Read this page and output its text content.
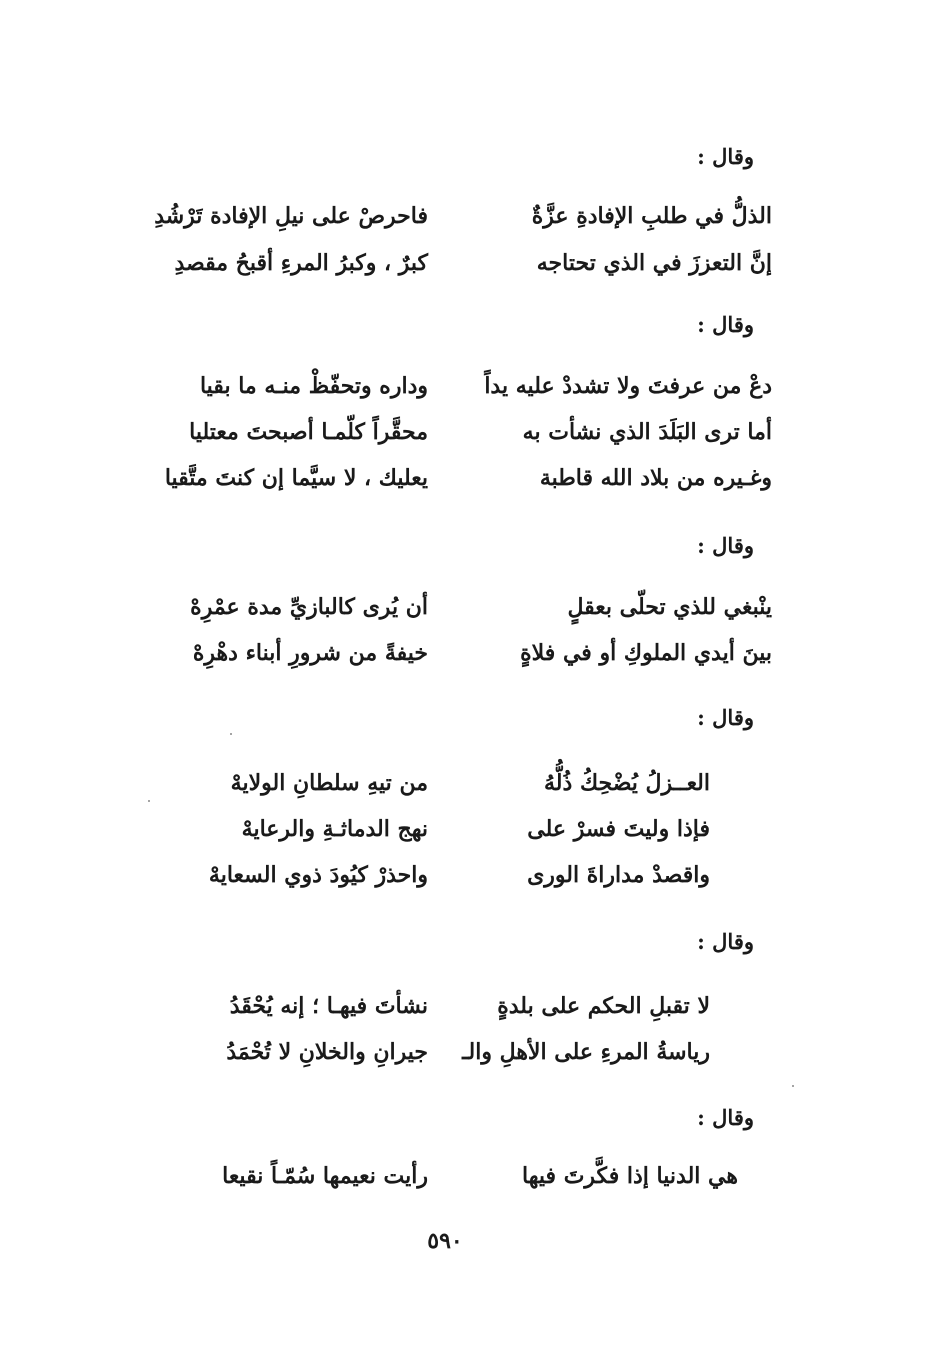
وقال :
الذلُّ في طلبِ الإفادةِ عزَّةٌ
فاحرصْ على نيلِ الإفادة تَرْشُدِ
إنَّ التعززَ في الذي تحتاجه
كبرٌ ، وكبرُ المرءِ أقبحُ مقصدِ
وقال :
دعْ من عرفتَ ولا تشددْ عليه يداً
وداره وتحفّظْ منـه ما بقيا
أما ترى البَلَدَ الذي نشأت به
محقَّراً كلّمـا أصبحتَ معتليا
وغـيره من بلاد الله قاطبة
يعليك ، لا سيَّما إن كنتَ متَّقيا
وقال :
ينْبغي للذي تحلّى بعقلٍ
أن يُرى كالبازيِّ مدة عمْرِهْ
بينَ أيدي الملوكِ أو في فلاةٍ
خيفةً من شرورِ أبناء دهْرِهْ
وقال :
العــزلُ يُضْحِكُ ذُلُّهُ
من تيهِ سلطانِ الولايهْ
فإذا وليتَ فسرْ على
نهج الدماثـةِ والرعايهْ
واقصدْ مداراةَ الورى
واحذرْ كيُودَ ذوي السعايهْ
وقال :
لا تقبلِ الحكم على بلدةٍ
نشأتَ فيهـا ؛ إنه يُحْقَدُ
رياسةُ المرءِ على الأهلِ والـ
جيرانِ والخلانِ لا تُحْمَدُ
وقال :
هي الدنيا إذا فكَّرتَ فيها
رأيت نعيمها سُمّـاً نقيعا
٥٩٠
